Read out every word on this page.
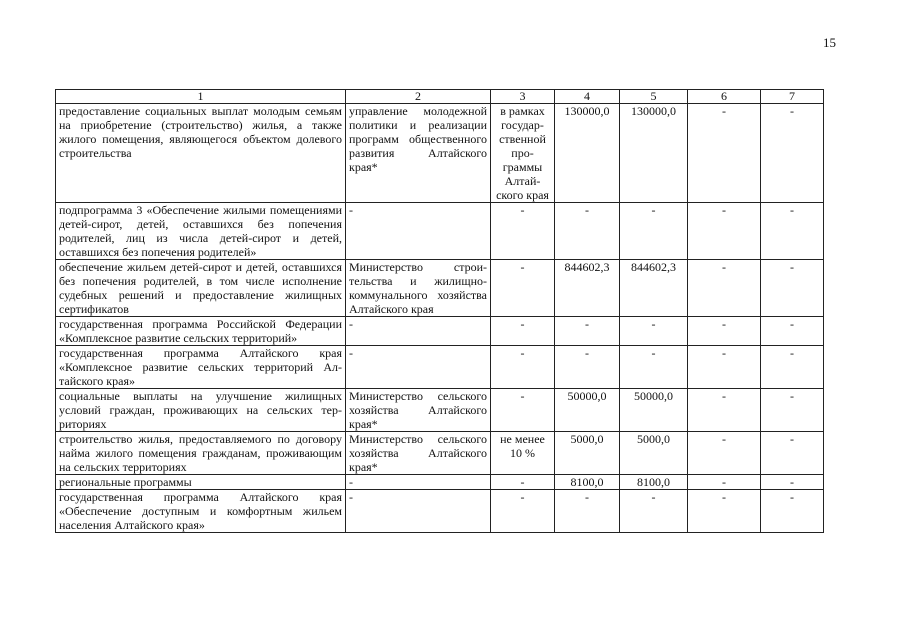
15
1	2	3	4	5	6	7
предоставление социальных выплат молодым семьям на приобретение (строительство) жилья, а также жилого помещения, являющегося объектом долевого строительства	управление молодежной политики и реализации программ общественного развития Алтайского края*	в рамках государственной программы Алтайского края	130000,0	130000,0	-	-
подпрограмма 3 «Обеспечение жилыми помещениями детей-сирот, детей, оставшихся без попечения родителей, лиц из числа детей-сирот и детей, оставшихся без попечения родителей»	-	-	-	-	-	-
обеспечение жильем детей-сирот и детей, оставшихся без попечения родителей, в том числе исполнение судебных решений и предоставление жилищных сертификатов	Министерство строительства и жилищно-коммунального хозяйства Алтайского края	-	844602,3	844602,3	-	-
государственная программа Российской Федерации «Комплексное развитие сельских территорий»	-	-	-	-	-	-
государственная программа Алтайского края «Комплексное развитие сельских территорий Алтайского края»	-	-	-	-	-	-
социальные выплаты на улучшение жилищных условий граждан, проживающих на сельских территориях	Министерство сельского хозяйства Алтайского края*	-	50000,0	50000,0	-	-
строительство жилья, предоставляемого по договору найма жилого помещения гражданам, проживающим на сельских территориях	Министерство сельского хозяйства Алтайского края*	не менее 10 %	5000,0	5000,0	-	-
региональные программы	-	-	8100,0	8100,0	-	-
государственная программа Алтайского края «Обеспечение доступным и комфортным жильем населения Алтайского края»	-	-	-	-	-	-
